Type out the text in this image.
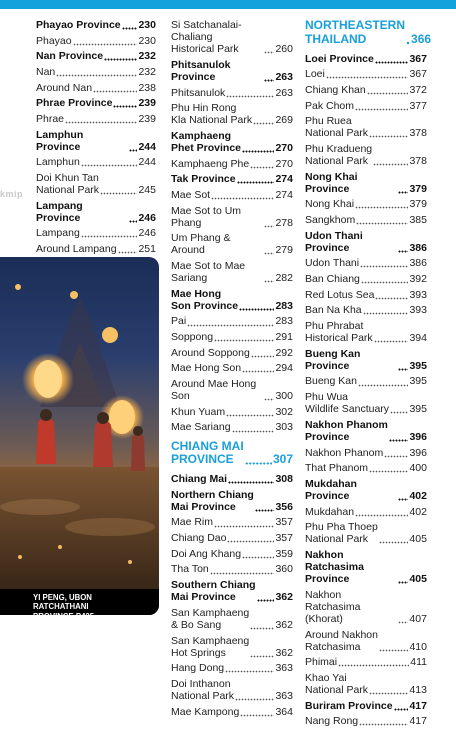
kmip
Phayao Province 230
Phayao	230
Nan Province	232
Nan	232
Around Nan	238
Phrae Province 239
Phrae	239
Lamphun Province	244
Lamphun	244
Doi Khun Tan
National Park	245
Lampang Province	246
Lampang	246
Around Lampang 251
Si Satchanalai-Chaliang
Historical Park	260
Phitsanulok Province	263
Phitsanulok	263
Phu Hin Rong
Kla National Park 269
Kamphaeng
Phet Province	270
Kamphaeng Phe 270
Tak Province	274
Mae Sot	274
Mae Sot to Um Phang	278
Um Phang & Around	279
Mae Sot to Mae Sariang	282
Mae Hong
Son Province	283
Pai	283
Soppong	291
Around Soppong 292
Mae Hong Son	294
Around Mae Hong Son	300
Khun Yuam	302
Mae Sariang	303
CHIANG MAI
PROVINCE	307
Chiang Mai	308
Northern Chiang
Mai Province	356
Mae Rim	357
Chiang Dao	357
Doi Ang Khang	359
Tha Ton	360
Southern Chiang
Mai Province	362
San Kamphaeng
& Bo Sang	362
San Kamphaeng
Hot Springs	362
Hang Dong	363
Doi Inthanon
National Park	363
Mae Kampong	364
NORTHEASTERN
THAILAND	366
Loei Province	367
Loei	367
Chiang Khan	372
Pak Chom	377
Phu Ruea
National Park	378
Phu Kradueng
National Park	378
Nong Khai Province	379
Nong Khai	379
Sangkhom	385
Udon Thani Province	386
Udon Thani	386
Ban Chiang	392
Red Lotus Sea	393
Ban Na Kha	393
Phu Phrabat
Historical Park	394
Bueng Kan Province	395
Bueng Kan	395
Phu Wua
Wildlife Sanctuary 395
Nakhon Phanom
Province	396
Nakhon Phanom	396
That Phanom	400
Mukdahan Province	402
Mukdahan	402
Phu Pha Thoep
National Park	405
Nakhon Ratchasima
Province	405
Nakhon Ratchasima
(Khorat)	407
Around Nakhon
Ratchasima	410
Phimai	411
Khao Yai
National Park	413
Buriram Province 417
Nang Rong	417
YI PENG, UBON RATCHATHANI
PROVINCE P425
